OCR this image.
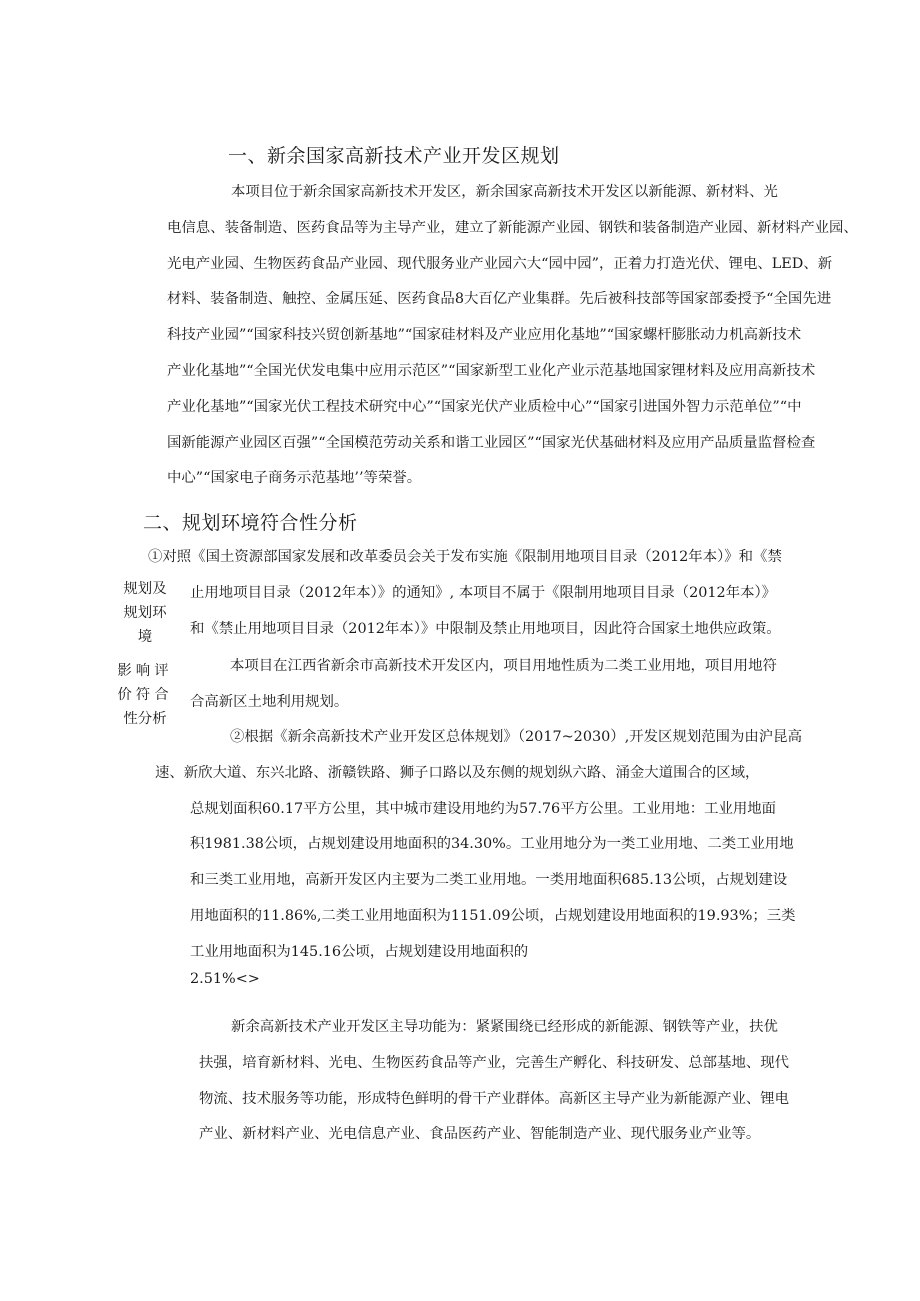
一、新余国家高新技术产业开发区规划
本项目位于新余国家高新技术开发区，新余国家高新技术开发区以新能源、新材料、光
电信息、装备制造、医药食品等为主导产业，建立了新能源产业园、钢铁和装备制造产业园、新材料产业园、
光电产业园、生物医药食品产业园、现代服务业产业园六大“园中园”，正着力打造光伏、锂电、LED、新
材料、装备制造、触控、金属压延、医药食品8大百亿产业集群。先后被科技部等国家部委授予“全国先进
科技产业园”“国家科技兴贸创新基地”“国家硅材料及产业应用化基地”“国家螺杆膨胀动力机高新技术
产业化基地”“全国光伏发电集中应用示范区”“国家新型工业化产业示范基地国家锂材料及应用高新技术
产业化基地”“国家光伏工程技术研究中心”“国家光伏产业质检中心”“国家引进国外智力示范单位”“中
国新能源产业园区百强”“全国模范劳动关系和谐工业园区”“国家光伏基础材料及应用产品质量监督检查
中心”“国家电子商务示范基地’’等荣誉。
二、规划环境符合性分析
规划及
规划环
境
影响评
价符合
性分析
①对照《国土资源部国家发展和改革委员会关于发布实施《限制用地项目目录（2012年本）》和《禁
止用地项目目录（2012年本）》的通知》, 本项目不属于《限制用地项目目录（2012年本）》
和《禁止用地项目目录（2012年本）》中限制及禁止用地项目，因此符合国家土地供应政策。
本项目在江西省新余市高新技术开发区内，项目用地性质为二类工业用地，项目用地符
合高新区土地利用规划。
②根据《新余高新技术产业开发区总体规划》（2017~2030）,开发区规划范围为由沪昆高
速、新欣大道、东兴北路、浙赣铁路、狮子口路以及东侧的规划纵六路、涌金大道围合的区域，
总规划面积60.17平方公里，其中城市建设用地约为57.76平方公里。工业用地：工业用地面
积1981.38公顷，占规划建设用地面积的34.30%。工业用地分为一类工业用地、二类工业用地
和三类工业用地，高新开发区内主要为二类工业用地。一类用地面积685.13公顷，占规划建设
用地面积的11.86%,二类工业用地面积为1151.09公顷，占规划建设用地面积的19.93%；三类
工业用地面积为145.16公顷，占规划建设用地面积的
2.51%<>
新余高新技术产业开发区主导功能为：紧紧围绕已经形成的新能源、钢铁等产业，扶优
扶强，培育新材料、光电、生物医药食品等产业，完善生产孵化、科技研发、总部基地、现代
物流、技术服务等功能，形成特色鲜明的骨干产业群体。高新区主导产业为新能源产业、锂电
产业、新材料产业、光电信息产业、食品医药产业、智能制造产业、现代服务业产业等。
